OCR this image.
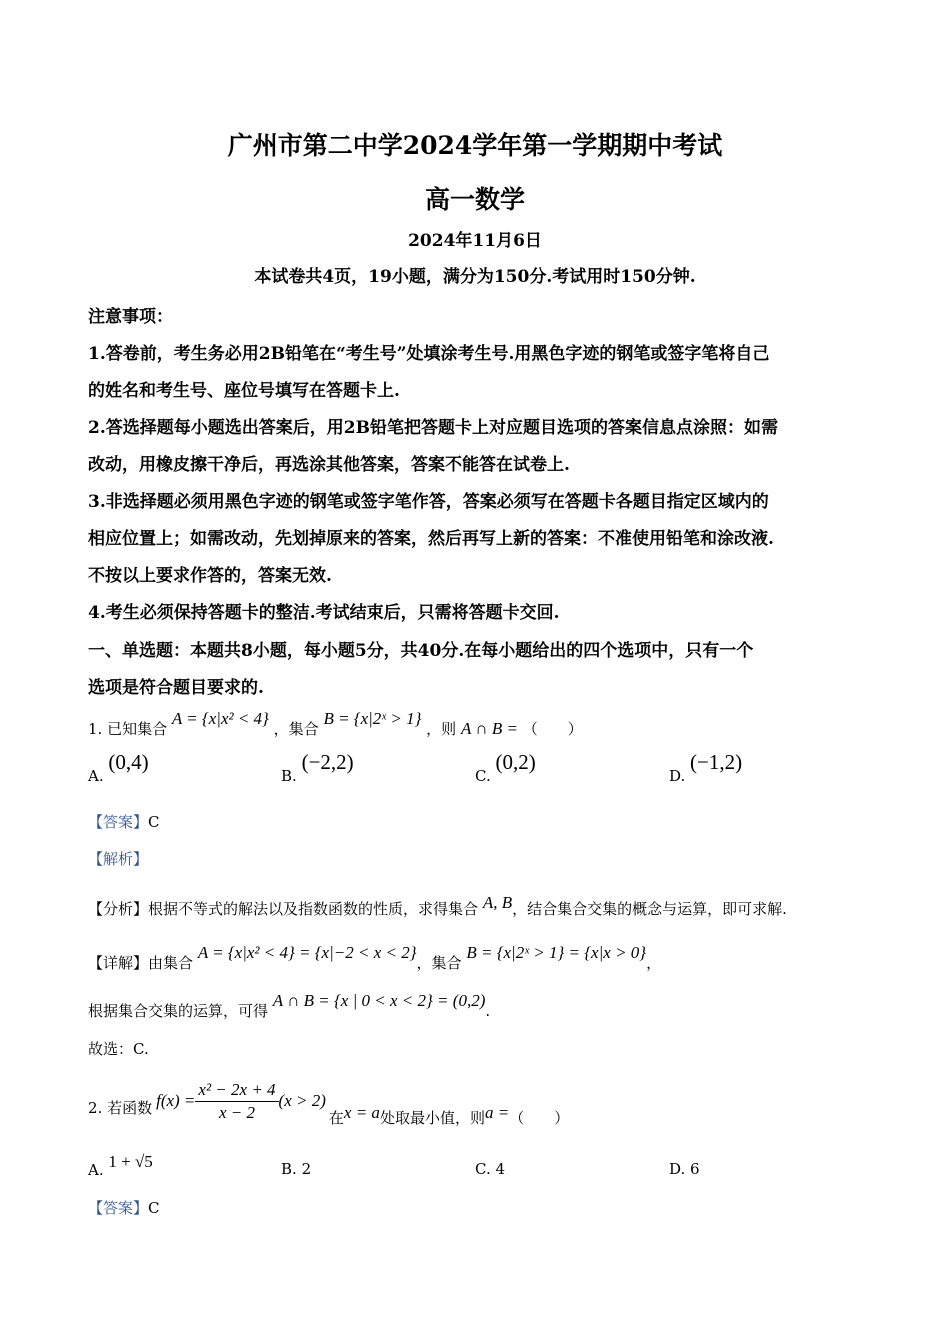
广州市第二中学2024学年第一学期期中考试
高一数学
2024年11月6日
本试卷共4页，19小题，满分为150分.考试用时150分钟.
注意事项：
1.答卷前，考生务必用2B铅笔在“考生号”处填涂考生号.用黑色字迹的钢笔或签字笔将自己
的姓名和考生号、座位号填写在答题卡上.
2.答选择题每小题选出答案后，用2B铅笔把答题卡上对应题目选项的答案信息点涂照：如需
改动，用橡皮擦干净后，再选涂其他答案，答案不能答在试卷上.
3.非选择题必须用黑色字迹的钢笔或签字笔作答，答案必须写在答题卡各题目指定区域内的
相应位置上；如需改动，先划掉原来的答案，然后再写上新的答案：不准使用铅笔和涂改液.
不按以上要求作答的，答案无效.
4.考生必须保持答题卡的整洁.考试结束后，只需将答题卡交回.
一、单选题：本题共8小题，每小题5分，共40分.在每小题给出的四个选项中，只有一个
选项是符合题目要求的.
1. 已知集合 A = {x|x² < 4} ，集合 B = {x|2ˣ > 1} ，则 A ∩ B = （　　）
A. (0,4)
B. (−2,2)
C. (0,2)
D. (−1,2)
【答案】C
【解析】
【分析】根据不等式的解法以及指数函数的性质，求得集合 A, B，结合集合交集的概念与运算，即可求解.
【详解】由集合 A = {x|x² < 4} = {x|−2 < x < 2}，集合 B = {x|2ˣ > 1} = {x|x > 0}，
根据集合交集的运算，可得 A ∩ B = {x | 0 < x < 2} = (0,2).
故选：C.
2. 若函数 $f(x) = \frac{\text{x² − 2x + 4}}{x - 2} (x > 2)$
在 x = a 处取最小值，则 a = （　　）
A. 1 + √5	B. 2	C. 4	D. 6
【答案】C
